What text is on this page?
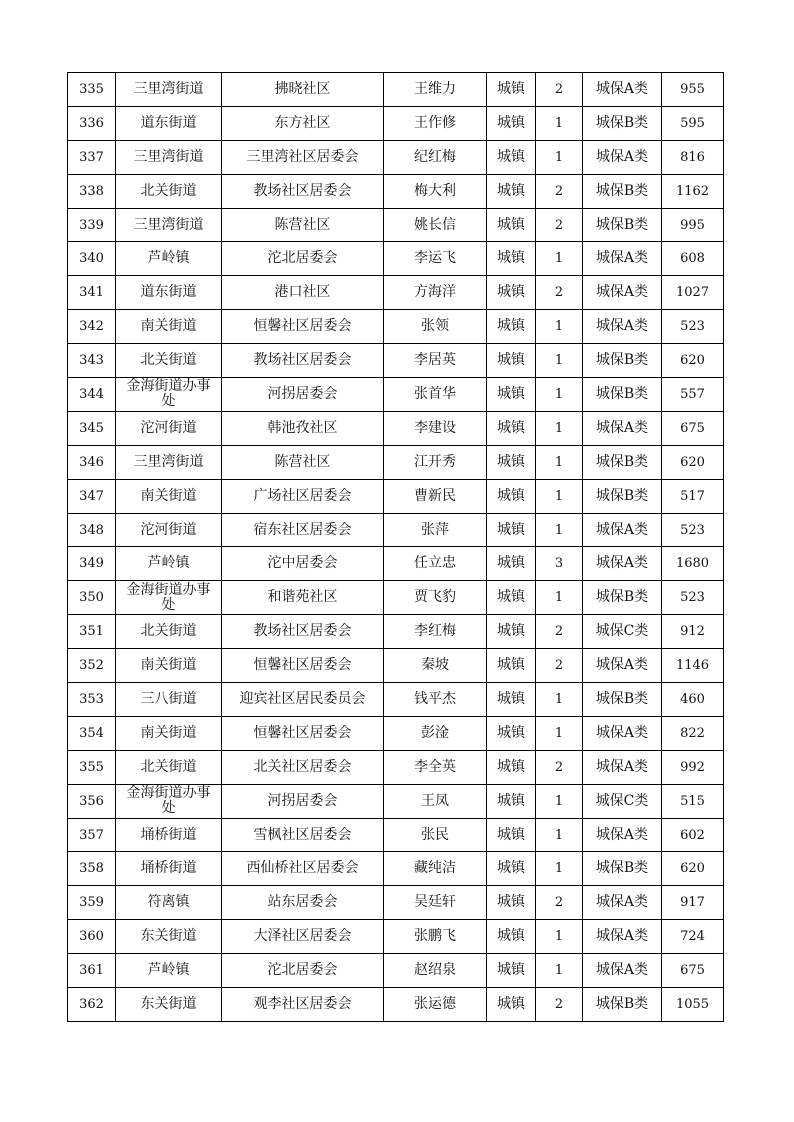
335	三里湾街道	拂晓社区	王维力	城镇	2	城保A类	955
336	道东街道	东方社区	王作修	城镇	1	城保B类	595
337	三里湾街道	三里湾社区居委会	纪红梅	城镇	1	城保A类	816
338	北关街道	教场社区居委会	梅大利	城镇	2	城保B类	1162
339	三里湾街道	陈营社区	姚长信	城镇	2	城保B类	995
340	芦岭镇	沱北居委会	李运飞	城镇	1	城保A类	608
341	道东街道	港口社区	方海洋	城镇	2	城保A类	1027
342	南关街道	恒馨社区居委会	张领	城镇	1	城保A类	523
343	北关街道	教场社区居委会	李居英	城镇	1	城保B类	620
344	金海街道办事处	河拐居委会	张首华	城镇	1	城保B类	557
345	沱河街道	韩池孜社区	李建设	城镇	1	城保A类	675
346	三里湾街道	陈营社区	江开秀	城镇	1	城保B类	620
347	南关街道	广场社区居委会	曹新民	城镇	1	城保B类	517
348	沱河街道	宿东社区居委会	张萍	城镇	1	城保A类	523
349	芦岭镇	沱中居委会	任立忠	城镇	3	城保A类	1680
350	金海街道办事处	和谐苑社区	贾飞豹	城镇	1	城保B类	523
351	北关街道	教场社区居委会	李红梅	城镇	2	城保C类	912
352	南关街道	恒馨社区居委会	秦坡	城镇	2	城保A类	1146
353	三八街道	迎宾社区居民委员会	钱平杰	城镇	1	城保B类	460
354	南关街道	恒馨社区居委会	彭淦	城镇	1	城保A类	822
355	北关街道	北关社区居委会	李全英	城镇	2	城保A类	992
356	金海街道办事处	河拐居委会	王凤	城镇	1	城保C类	515
357	埇桥街道	雪枫社区居委会	张民	城镇	1	城保A类	602
358	埇桥街道	西仙桥社区居委会	藏纯洁	城镇	1	城保B类	620
359	符离镇	站东居委会	吴廷轩	城镇	2	城保A类	917
360	东关街道	大泽社区居委会	张鹏飞	城镇	1	城保A类	724
361	芦岭镇	沱北居委会	赵绍泉	城镇	1	城保A类	675
362	东关街道	观李社区居委会	张运德	城镇	2	城保B类	1055
